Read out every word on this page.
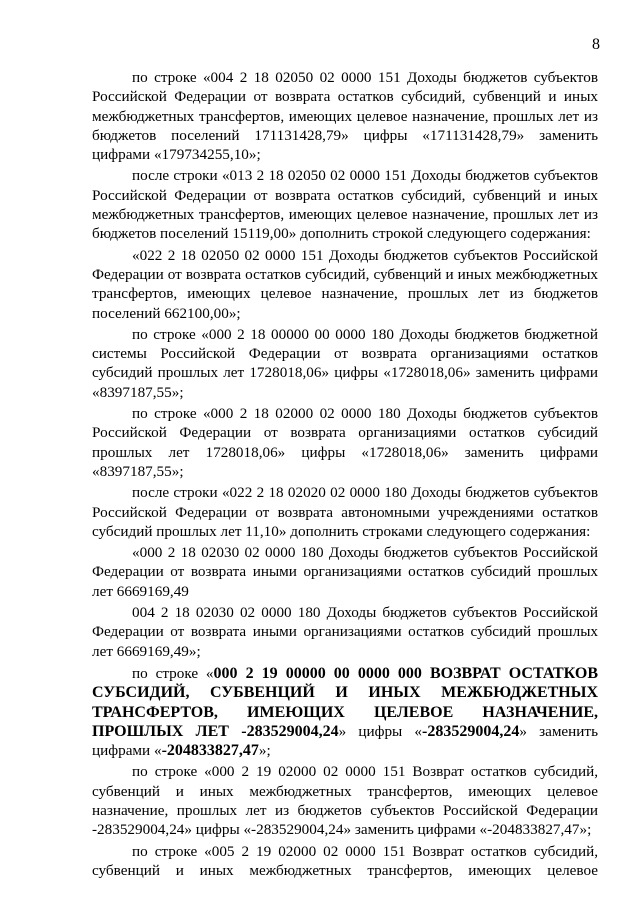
8

по строке «004 2 18 02050 02 0000 151 Доходы бюджетов субъектов Российской Федерации от возврата остатков субсидий, субвенций и иных межбюджетных трансфертов, имеющих целевое назначение, прошлых лет из бюджетов поселений 171131428,79» цифры «171131428,79» заменить цифрами «179734255,10»;

после строки «013 2 18 02050 02 0000 151 Доходы бюджетов субъектов Российской Федерации от возврата остатков субсидий, субвенций и иных межбюджетных трансфертов, имеющих целевое назначение, прошлых лет из бюджетов поселений 15119,00» дополнить строкой следующего содержания:

«022 2 18 02050 02 0000 151 Доходы бюджетов субъектов Российской Федерации от возврата остатков субсидий, субвенций и иных межбюджетных трансфертов, имеющих целевое назначение, прошлых лет из бюджетов поселений 662100,00»;

по строке «000 2 18 00000 00 0000 180 Доходы бюджетов бюджетной системы Российской Федерации от возврата организациями остатков субсидий прошлых лет 1728018,06» цифры «1728018,06» заменить цифрами «8397187,55»;

по строке «000 2 18 02000 02 0000 180 Доходы бюджетов субъектов Российской Федерации от возврата организациями остатков субсидий прошлых лет 1728018,06» цифры «1728018,06» заменить цифрами «8397187,55»;

после строки «022 2 18 02020 02 0000 180 Доходы бюджетов субъектов Российской Федерации от возврата автономными учреждениями остатков субсидий прошлых лет 11,10» дополнить строками следующего содержания:

«000 2 18 02030 02 0000 180 Доходы бюджетов субъектов Российской Федерации от возврата иными организациями остатков субсидий прошлых лет 6669169,49

004 2 18 02030 02 0000 180 Доходы бюджетов субъектов Российской Федерации от возврата иными организациями остатков субсидий прошлых лет 6669169,49»;

по строке «000 2 19 00000 00 0000 000 ВОЗВРАТ ОСТАТКОВ СУБСИДИЙ, СУБВЕНЦИЙ И ИНЫХ МЕЖБЮДЖЕТНЫХ ТРАНСФЕРТОВ, ИМЕЮЩИХ ЦЕЛЕВОЕ НАЗНАЧЕНИЕ, ПРОШЛЫХ ЛЕТ -283529004,24» цифры «-283529004,24» заменить цифрами «-204833827,47»;

по строке «000 2 19 02000 02 0000 151 Возврат остатков субсидий, субвенций и иных межбюджетных трансфертов, имеющих целевое назначение, прошлых лет из бюджетов субъектов Российской Федерации -283529004,24» цифры «-283529004,24» заменить цифрами «-204833827,47»;

по строке «005 2 19 02000 02 0000 151 Возврат остатков субсидий, субвенций и иных межбюджетных трансфертов, имеющих целевое
